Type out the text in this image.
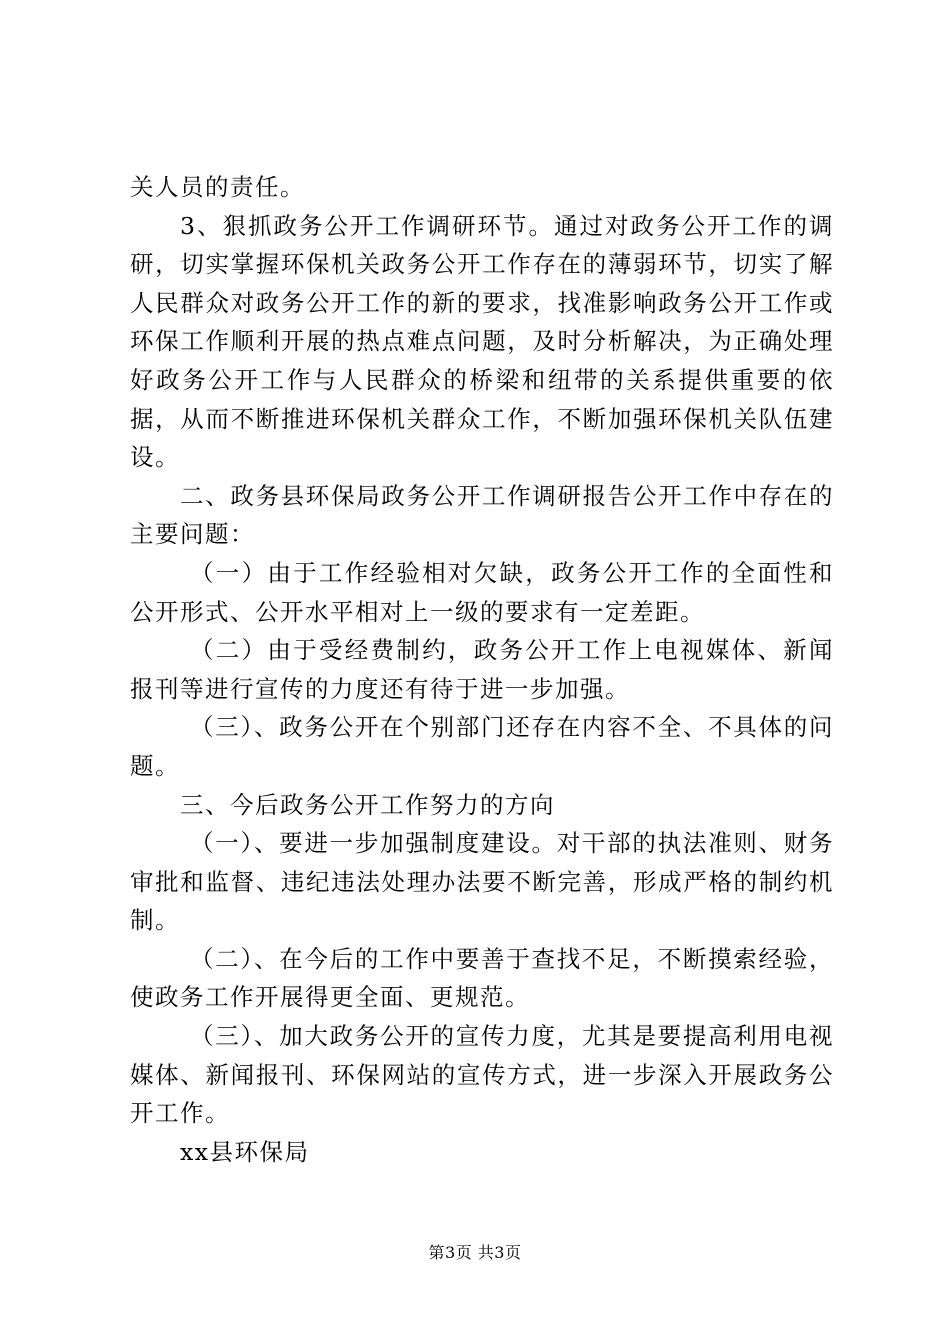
关人员的责任。

3、狠抓政务公开工作调研环节。通过对政务公开工作的调研，切实掌握环保机关政务公开工作存在的薄弱环节，切实了解人民群众对政务公开工作的新的要求，找准影响政务公开工作或环保工作顺利开展的热点难点问题，及时分析解决，为正确处理好政务公开工作与人民群众的桥梁和纽带的关系提供重要的依据，从而不断推进环保机关群众工作，不断加强环保机关队伍建设。

二、政务县环保局政务公开工作调研报告公开工作中存在的主要问题：

（一）由于工作经验相对欠缺，政务公开工作的全面性和公开形式、公开水平相对上一级的要求有一定差距。

（二）由于受经费制约，政务公开工作上电视媒体、新闻报刊等进行宣传的力度还有待于进一步加强。

（三）、政务公开在个别部门还存在内容不全、不具体的问题。

三、今后政务公开工作努力的方向

（一）、要进一步加强制度建设。对干部的执法准则、财务审批和监督、违纪违法处理办法要不断完善，形成严格的制约机制。

（二）、在今后的工作中要善于查找不足，不断摸索经验，使政务工作开展得更全面、更规范。

（三）、加大政务公开的宣传力度，尤其是要提高利用电视媒体、新闻报刊、环保网站的宣传方式，进一步深入开展政务公开工作。

xx县环保局

第3页 共3页
